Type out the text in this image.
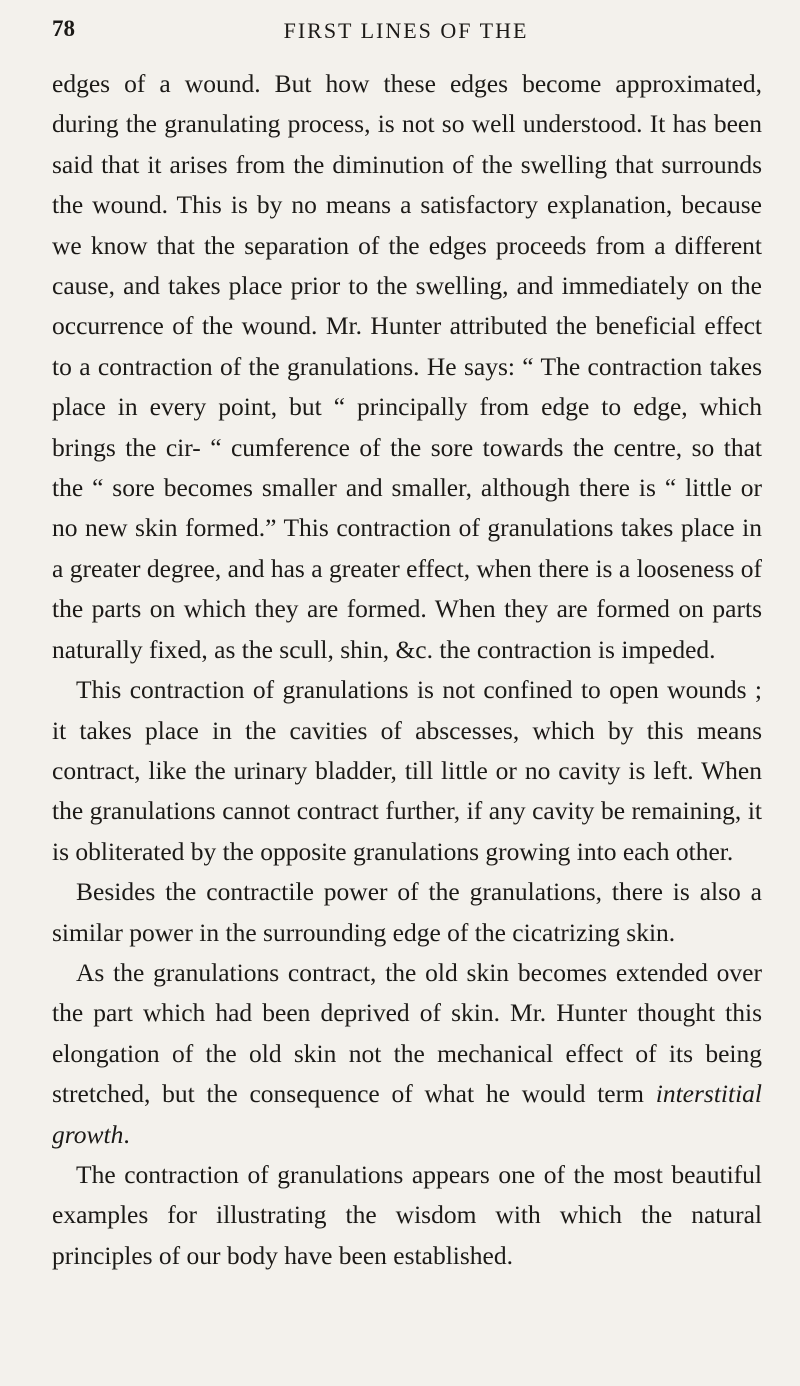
78	FIRST LINES OF THE

edges of a wound. But how these edges become approximated, during the granulating process, is not so well understood. It has been said that it arises from the diminution of the swelling that surrounds the wound. This is by no means a satisfactory explanation, because we know that the separation of the edges proceeds from a different cause, and takes place prior to the swelling, and immediately on the occurrence of the wound. Mr. Hunter attributed the beneficial effect to a contraction of the granulations. He says: “ The contraction takes place in every point, but “ principally from edge to edge, which brings the cir- “ cumference of the sore towards the centre, so that the “ sore becomes smaller and smaller, although there is “ little or no new skin formed.” This contraction of granulations takes place in a greater degree, and has a greater effect, when there is a looseness of the parts on which they are formed. When they are formed on parts naturally fixed, as the scull, shin, &c. the contraction is impeded.

This contraction of granulations is not confined to open wounds ; it takes place in the cavities of abscesses, which by this means contract, like the urinary bladder, till little or no cavity is left. When the granulations cannot contract further, if any cavity be remaining, it is obliterated by the opposite granulations growing into each other.

Besides the contractile power of the granulations, there is also a similar power in the surrounding edge of the cicatrizing skin.

As the granulations contract, the old skin becomes extended over the part which had been deprived of skin. Mr. Hunter thought this elongation of the old skin not the mechanical effect of its being stretched, but the consequence of what he would term interstitial growth.

The contraction of granulations appears one of the most beautiful examples for illustrating the wisdom with which the natural principles of our body have been established.
